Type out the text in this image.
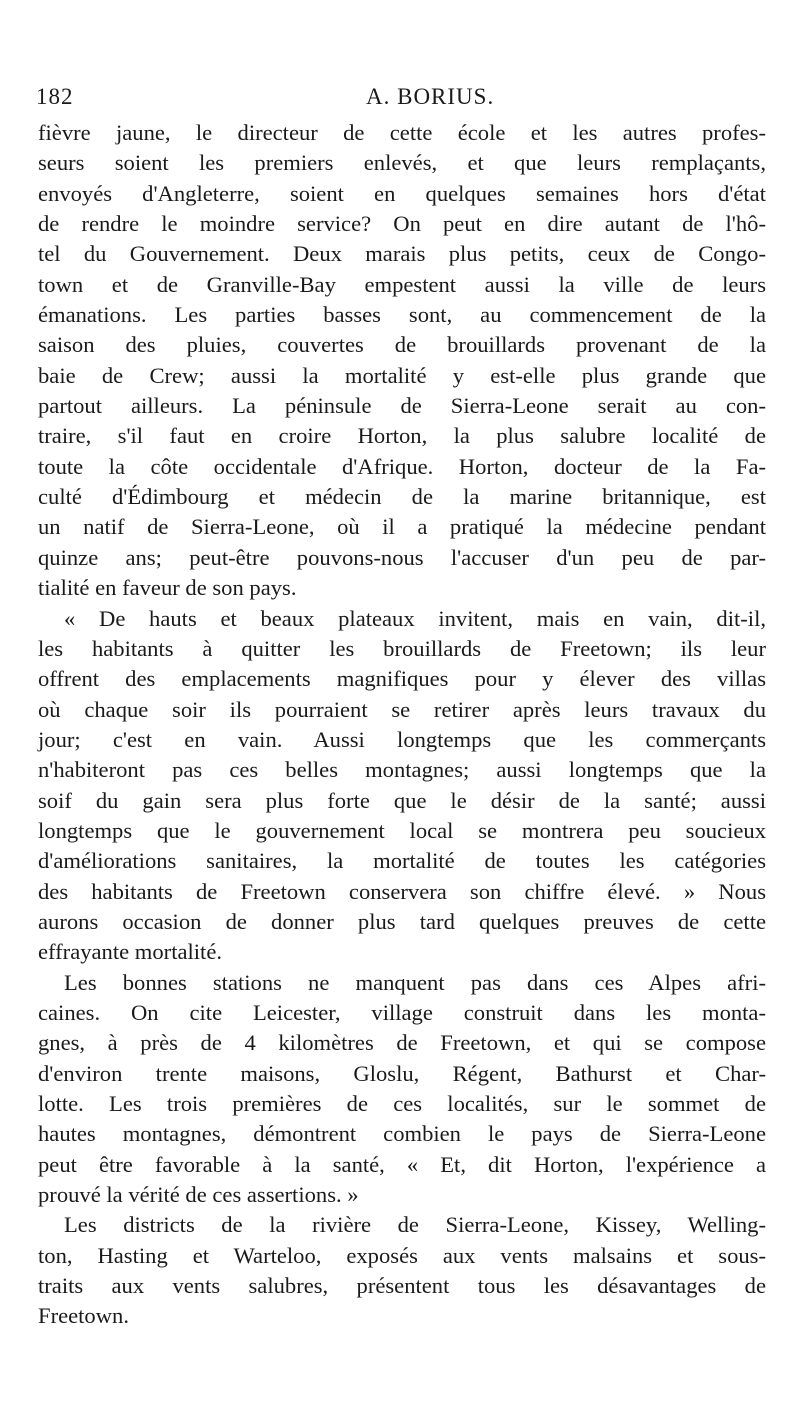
182	A. BORIUS.
fièvre jaune, le directeur de cette école et les autres profes-
seurs soient les premiers enlevés, et que leurs remplaçants,
envoyés d'Angleterre, soient en quelques semaines hors d'état
de rendre le moindre service? On peut en dire autant de l'hô-
tel du Gouvernement. Deux marais plus petits, ceux de Congo-
town et de Granville-Bay empestent aussi la ville de leurs
émanations. Les parties basses sont, au commencement de la
saison des pluies, couvertes de brouillards provenant de la
baie de Crew; aussi la mortalité y est-elle plus grande que
partout ailleurs. La péninsule de Sierra-Leone serait au con-
traire, s'il faut en croire Horton, la plus salubre localité de
toute la côte occidentale d'Afrique. Horton, docteur de la Fa-
culté d'Édimbourg et médecin de la marine britannique, est
un natif de Sierra-Leone, où il a pratiqué la médecine pendant
quinze ans; peut-être pouvons-nous l'accuser d'un peu de par-
tialité en faveur de son pays.
« De hauts et beaux plateaux invitent, mais en vain, dit-il,
les habitants à quitter les brouillards de Freetown; ils leur
offrent des emplacements magnifiques pour y élever des villas
où chaque soir ils pourraient se retirer après leurs travaux du
jour; c'est en vain. Aussi longtemps que les commerçants
n'habiteront pas ces belles montagnes; aussi longtemps que la
soif du gain sera plus forte que le désir de la santé; aussi
longtemps que le gouvernement local se montrera peu soucieux
d'améliorations sanitaires, la mortalité de toutes les catégories
des habitants de Freetown conservera son chiffre élevé. » Nous
aurons occasion de donner plus tard quelques preuves de cette
effrayante mortalité.
Les bonnes stations ne manquent pas dans ces Alpes afri-
caines. On cite Leicester, village construit dans les monta-
gnes, à près de 4 kilomètres de Freetown, et qui se compose
d'environ trente maisons, Gloslu, Régent, Bathurst et Char-
lotte. Les trois premières de ces localités, sur le sommet de
hautes montagnes, démontrent combien le pays de Sierra-Leone
peut être favorable à la santé, « Et, dit Horton, l'expérience a
prouvé la vérité de ces assertions. »
Les districts de la rivière de Sierra-Leone, Kissey, Welling-
ton, Hasting et Warteloo, exposés aux vents malsains et sous-
traits aux vents salubres, présentent tous les désavantages de
Freetown.
